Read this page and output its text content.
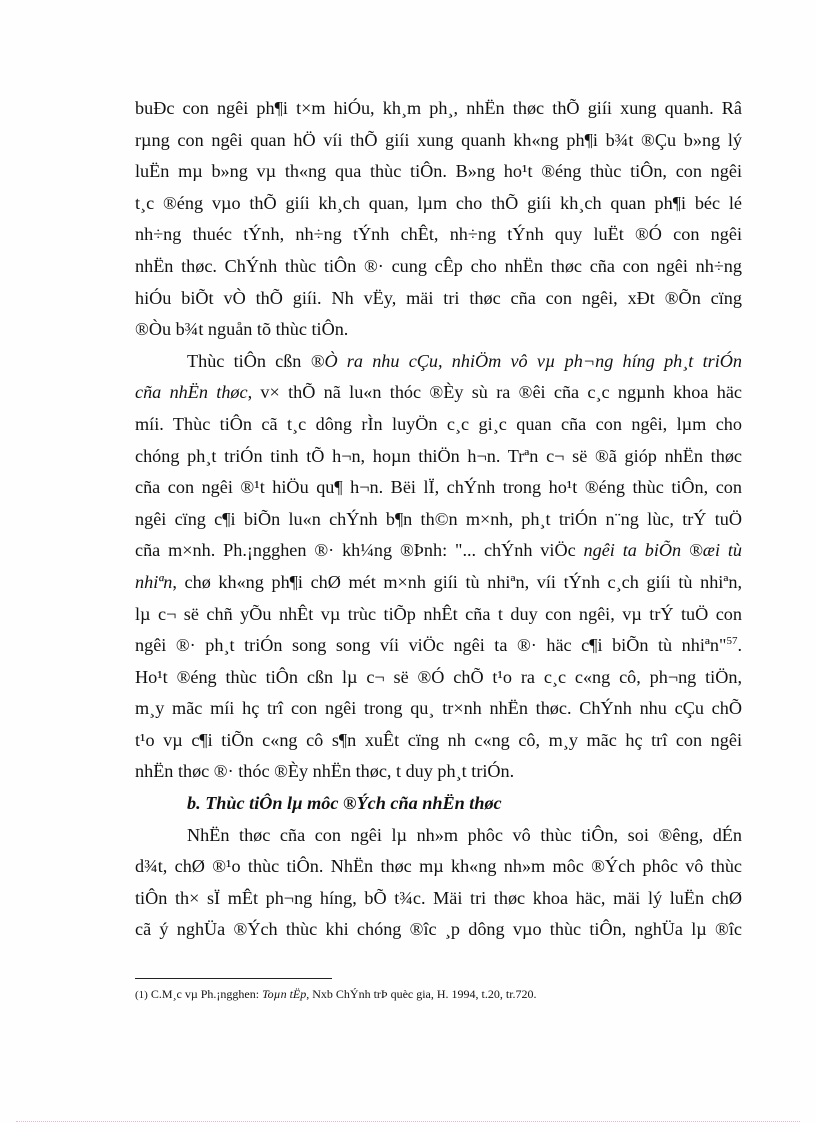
buÐc con ngêi ph¶i t×m hiÓu, kh¸m ph¸, nhËn thøc thÕ giíi xung quanh. Râ
rµng con ngêi quan hÖ víi thÕ giíi xung quanh kh«ng ph¶i b¾t ®Çu b»ng lý
luËn mµ b»ng vµ th«ng qua thùc tiÔn. B»ng ho¹t ®éng thùc tiÔn, con ngêi
t¸c ®éng vµo thÕ giíi kh¸ch quan, lµm cho thÕ giíi kh¸ch quan ph¶i béc lé
nh÷ng thuéc tÝnh, nh÷ng tÝnh chÊt, nh÷ng tÝnh quy luËt ®Ó con ngêi
nhËn thøc. ChÝnh thùc tiÔn ®· cung cÊp cho nhËn thøc cña con ngêi nh÷ng
hiÓu biÕt vÒ thÕ giíi. Nh vËy, mäi tri thøc cña con ngêi, xÐt ®Õn cïng
®Òu b¾t nguån tõ thùc tiÔn.
Thùc tiÔn cßn ®Ò ra nhu cÇu, nhiÖm vô vµ ph¬ng híng ph¸t triÓn
cña nhËn thøc, v× thÕ nã lu«n thóc ®Èy sù ra ®êi cña c¸c ngµnh khoa häc
míi. Thùc tiÔn cã t¸c dông rÌn luyÖn c¸c gi¸c quan cña con ngêi, lµm cho
chóng ph¸t triÓn tinh tÕ h¬n, hoµn thiÖn h¬n. Trªn c¬ së ®ã gióp nhËn thøc
cña con ngêi ®¹t hiÖu qu¶ h¬n. Bëi lÏ, chÝnh trong ho¹t ®éng thùc tiÔn, con
ngêi cïng c¶i biÕn lu«n chÝnh b¶n th©n m×nh, ph¸t triÓn n¨ng lùc, trÝ tuÖ
cña m×nh. Ph.¡ngghen ®· kh¼ng ®Þnh: "... chÝnh viÖc ngêi ta biÕn ®æi tù
nhiªn, chø kh«ng ph¶i chØ mét m×nh giíi tù nhiªn, víi tÝnh c¸ch giíi tù nhiªn,
lµ c¬ së chñ yÕu nhÊt vµ trùc tiÕp nhÊt cña t duy con ngêi, vµ trÝ tuÖ con
ngêi ®· ph¸t triÓn song song víi viÖc ngêi ta ®· häc c¶i biÕn tù nhiªn"$^{57}$.
Ho¹t ®éng thùc tiÔn cßn lµ c¬ së ®Ó chÕ t¹o ra c¸c c«ng cô, ph¬ng tiÖn,
m¸y mãc míi hç trî con ngêi trong qu¸ tr×nh nhËn thøc. ChÝnh nhu cÇu chÕ
t¹o vµ c¶i tiÕn c«ng cô s¶n xuÊt cïng nh c«ng cô, m¸y mãc hç trî con ngêi
nhËn thøc ®· thóc ®Èy nhËn thøc, t duy ph¸t triÓn.
b. Thùc tiÔn lµ môc ®Ých cña nhËn thøc
NhËn thøc cña con ngêi lµ nh»m phôc vô thùc tiÔn, soi ®êng, dÉn
d¾t, chØ ®¹o thùc tiÔn. NhËn thøc mµ kh«ng nh»m môc ®Ých phôc vô thùc
tiÔn th× sÏ mÊt ph¬ng híng, bÕ t¾c. Mäi tri thøc khoa häc, mäi lý luËn chØ
cã ý nghÜa ®Ých thùc khi chóng ®îc ¸p dông vµo thùc tiÔn, nghÜa lµ ®îc
(1) C.M¸c vµ Ph.¡ngghen: Toµn tËp, Nxb ChÝnh trÞ quèc gia, H. 1994, t.20, tr.720.
